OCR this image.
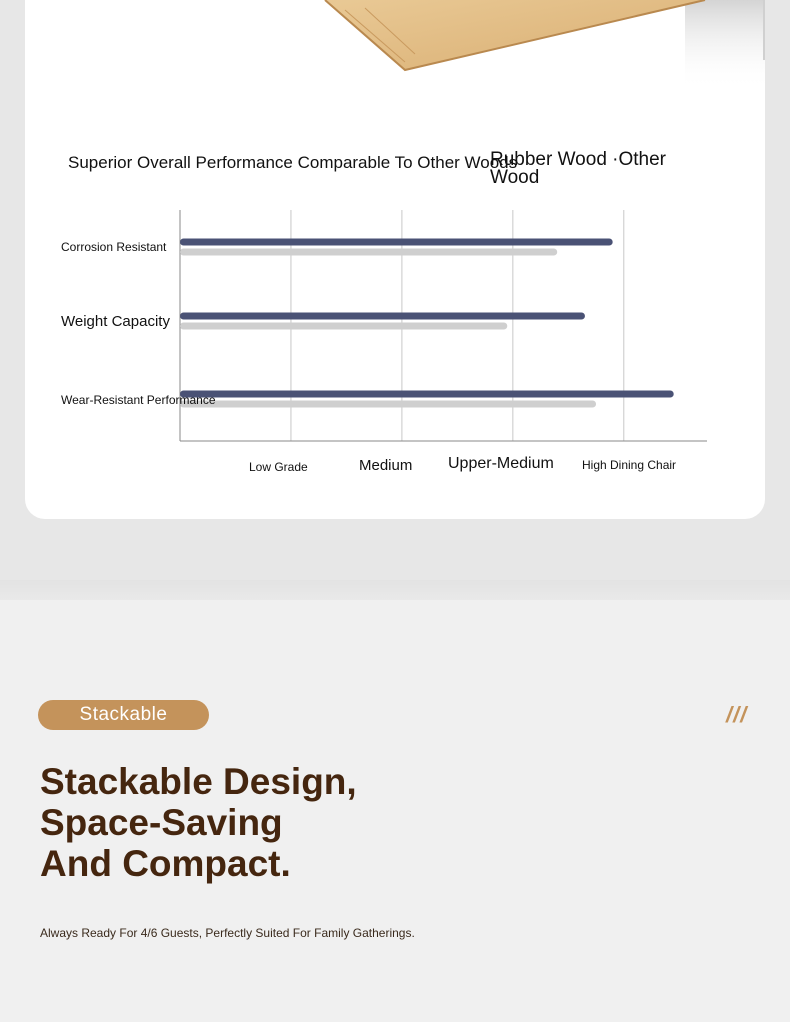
Superior Overall Performance Comparable To Other Woods
Rubber Wood ·Other Wood
Corrosion Resistant
Weight Capacity
Wear-Resistant Performance
Low Grade	Medium Upper-Medium High Dining Chair
Stackable	///
Stackable Design,
Space-Saving
And Compact.
Always Ready For 4/6 Guests, Perfectly Suited For Family Gatherings.
